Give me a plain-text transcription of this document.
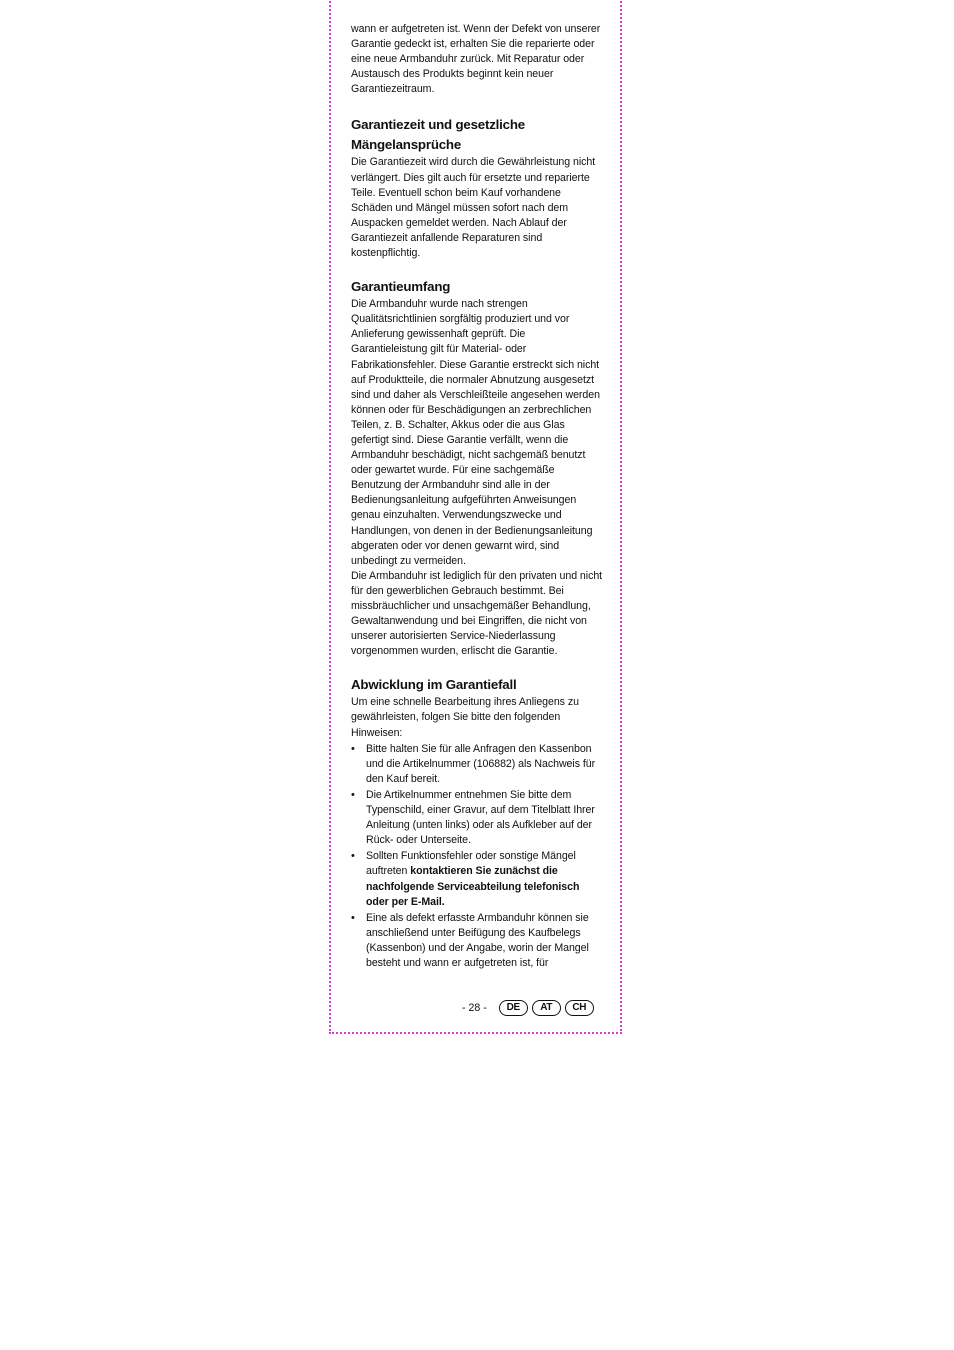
wann er aufgetreten ist. Wenn der Defekt von unserer Garantie gedeckt ist, erhalten Sie die reparierte oder eine neue Armbanduhr zurück. Mit Reparatur oder Austausch des Produkts beginnt kein neuer Garantiezeitraum.

Garantiezeit und gesetzliche Mängelansprüche

Die Garantiezeit wird durch die Gewährleistung nicht verlängert. Dies gilt auch für ersetzte und reparierte Teile. Eventuell schon beim Kauf vorhandene Schäden und Mängel müssen sofort nach dem Auspacken gemeldet werden. Nach Ablauf der Garantiezeit anfallende Reparaturen sind kostenpflichtig.

Garantieumfang

Die Armbanduhr wurde nach strengen Qualitätsrichtlinien sorgfältig produziert und vor Anlieferung gewissenhaft geprüft. Die Garantieleistung gilt für Material- oder Fabrikationsfehler. Diese Garantie erstreckt sich nicht auf Produktteile, die normaler Abnutzung ausgesetzt sind und daher als Verschleißteile angesehen werden können oder für Beschädigungen an zerbrechlichen Teilen, z. B. Schalter, Akkus oder die aus Glas gefertigt sind. Diese Garantie verfällt, wenn die Armbanduhr beschädigt, nicht sachgemäß benutzt oder gewartet wurde. Für eine sachgemäße Benutzung der Armbanduhr sind alle in der Bedienungsanleitung aufgeführten Anweisungen genau einzuhalten. Verwendungszwecke und Handlungen, von denen in der Bedienungsanleitung abgeraten oder vor denen gewarnt wird, sind unbedingt zu vermeiden.

Die Armbanduhr ist lediglich für den privaten und nicht für den gewerblichen Gebrauch bestimmt. Bei missbräuchlicher und unsachgemäßer Behandlung, Gewaltanwendung und bei Eingriffen, die nicht von unserer autorisierten Service-Niederlassung vorgenommen wurden, erlischt die Garantie.

Abwicklung im Garantiefall

Um eine schnelle Bearbeitung ihres Anliegens zu gewährleisten, folgen Sie bitte den folgenden Hinweisen:

• Bitte halten Sie für alle Anfragen den Kassenbon und die Artikelnummer (106882) als Nachweis für den Kauf bereit.
• Die Artikelnummer entnehmen Sie bitte dem Typenschild, einer Gravur, auf dem Titelblatt Ihrer Anleitung (unten links) oder als Aufkleber auf der Rück- oder Unterseite.
• Sollten Funktionsfehler oder sonstige Mängel auftreten kontaktieren Sie zunächst die nachfolgende Serviceabteilung telefonisch oder per E-Mail.
• Eine als defekt erfasste Armbanduhr können sie anschließend unter Beifügung des Kaufbelegs (Kassenbon) und der Angabe, worin der Mangel besteht und wann er aufgetreten ist, für
- 28 -	DE	AT	CH
